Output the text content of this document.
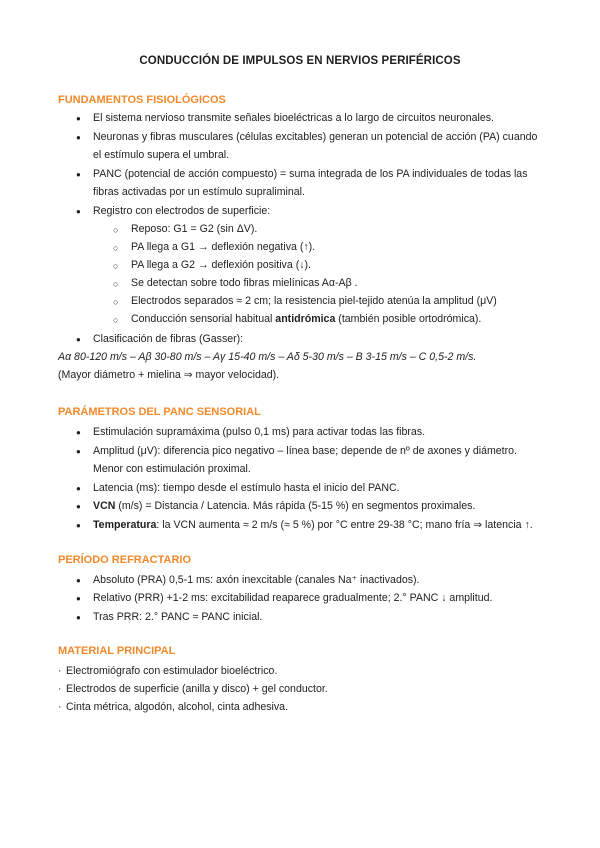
CONDUCCIÓN DE IMPULSOS EN NERVIOS PERIFÉRICOS
FUNDAMENTOS FISIOLÓGICOS
● El sistema nervioso transmite señales bioeléctricas a lo largo de circuitos neuronales.
● Neuronas y fibras musculares (células excitables) generan un potencial de acción (PA) cuando
el estímulo supera el umbral.
● PANC (potencial de acción compuesto) = suma integrada de los PA individuales de todas las
fibras activadas por un estímulo supraliminal.
● Registro con electrodos de superficie:
○ Reposo: G1 = G2 (sin ΔV).
○ PA llega a G1 → deflexión negativa (↑).
○ PA llega a G2 → deflexión positiva (↓).
○ Se detectan sobre todo fibras mielínicas Aα-Aβ .
○ Electrodos separados ≈ 2 cm; la resistencia piel-tejido atenúa la amplitud (μV)
○ Conducción sensorial habitual antidrómica (también posible ortodrómica).
● Clasificación de fibras (Gasser):
Aα 80-120 m/s – Aβ 30-80 m/s – Aγ 15-40 m/s – Aδ 5-30 m/s – B 3-15 m/s – C 0,5-2 m/s.
(Mayor diámetro + mielina ⇒ mayor velocidad).
PARÁMETROS DEL PANC SENSORIAL
● Estimulación supramáxima (pulso 0,1 ms) para activar todas las fibras.
● Amplitud (μV): diferencia pico negativo – línea base; depende de nº de axones y diámetro.
Menor con estimulación proximal.
● Latencia (ms): tiempo desde el estímulo hasta el inicio del PANC.
● VCN (m/s) = Distancia / Latencia. Más rápida (5-15 %) en segmentos proximales.
● Temperatura: la VCN aumenta ≈ 2 m/s (≈ 5 %) por °C entre 29-38 °C; mano fría ⇒ latencia ↑.
PERÍODO REFRACTARIO
● Absoluto (PRA) 0,5-1 ms: axón inexcitable (canales Na⁺ inactivados).
● Relativo (PRR) +1-2 ms: excitabilidad reaparece gradualmente; 2.° PANC ↓ amplitud.
● Tras PRR: 2.° PANC ≈ PANC inicial.
MATERIAL PRINCIPAL
· Electromiógrafo con estimulador bioeléctrico.
· Electrodos de superficie (anilla y disco) + gel conductor.
· Cinta métrica, algodón, alcohol, cinta adhesiva.
